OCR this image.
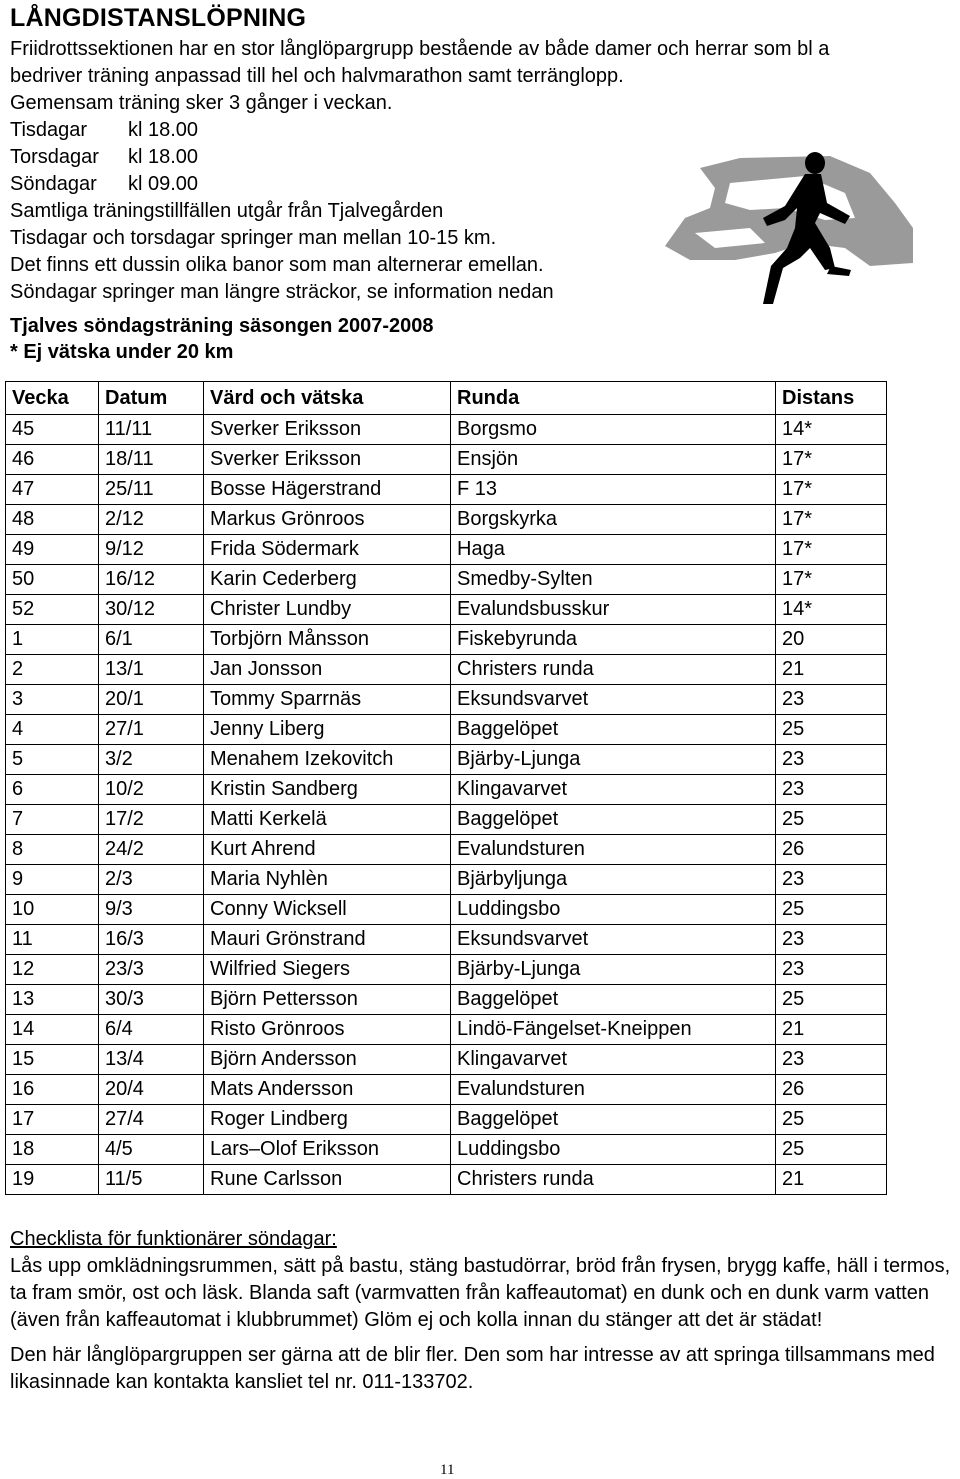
LÅNGDISTANSLÖPNING
Friidrottssektionen har en stor långlöpargrupp bestående av både damer och herrar som bl a
bedriver träning anpassad till hel och halvmarathon samt terränglopp.
Gemensam träning sker 3 gånger i veckan.
Tisdagar kl 18.00
Torsdagar kl 18.00
Söndagar kl 09.00
Samtliga träningstillfällen utgår från Tjalvegården
Tisdagar och torsdagar springer man mellan 10-15 km.
Det finns ett dussin olika banor som man alternerar emellan.
Söndagar springer man längre sträckor, se information nedan
Tjalves söndagsträning säsongen 2007-2008
* Ej vätska under 20 km
Vecka	Datum	Värd och vätska	Runda	Distans
45	11/11	Sverker Eriksson	Borgsmo	14*
46	18/11	Sverker Eriksson	Ensjön	17*
47	25/11	Bosse Hägerstrand	F 13	17*
48	2/12	Markus Grönroos	Borgskyrka	17*
49	9/12	Frida Södermark	Haga	17*
50	16/12	Karin Cederberg	Smedby-Sylten	17*
52	30/12	Christer Lundby	Evalundsbusskur	14*
1	6/1	Torbjörn Månsson	Fiskebyrunda	20
2	13/1	Jan Jonsson	Christers runda	21
3	20/1	Tommy Sparrnäs	Eksundsvarvet	23
4	27/1	Jenny Liberg	Baggelöpet	25
5	3/2	Menahem Izekovitch	Bjärby-Ljunga	23
6	10/2	Kristin Sandberg	Klingavarvet	23
7	17/2	Matti Kerkelä	Baggelöpet	25
8	24/2	Kurt Ahrend	Evalundsturen	26
9	2/3	Maria Nyhlèn	Bjärbyljunga	23
10	9/3	Conny Wicksell	Luddingsbo	25
11	16/3	Mauri Grönstrand	Eksundsvarvet	23
12	23/3	Wilfried Siegers	Bjärby-Ljunga	23
13	30/3	Björn Pettersson	Baggelöpet	25
14	6/4	Risto Grönroos	Lindö-Fängelset-Kneippen	21
15	13/4	Björn Andersson	Klingavarvet	23
16	20/4	Mats Andersson	Evalundsturen	26
17	27/4	Roger Lindberg	Baggelöpet	25
18	4/5	Lars–Olof Eriksson	Luddingsbo	25
19	11/5	Rune Carlsson	Christers runda	21

Checklista för funktionärer söndagar:

Lås upp omklädningsrummen, sätt på bastu, stäng bastudörrar, bröd från frysen, brygg kaffe, häll i termos, ta fram smör, ost och läsk. Blanda saft (varmvatten från kaffeautomat) en dunk och en dunk varm vatten (även från kaffeautomat i klubbrummet) Glöm ej och kolla innan du stänger att det är städat!

Den här långlöpargruppen ser gärna att de blir fler. Den som har intresse av att springa tillsammans med likasinnade kan kontakta kansliet tel nr. 011-133702.

11
